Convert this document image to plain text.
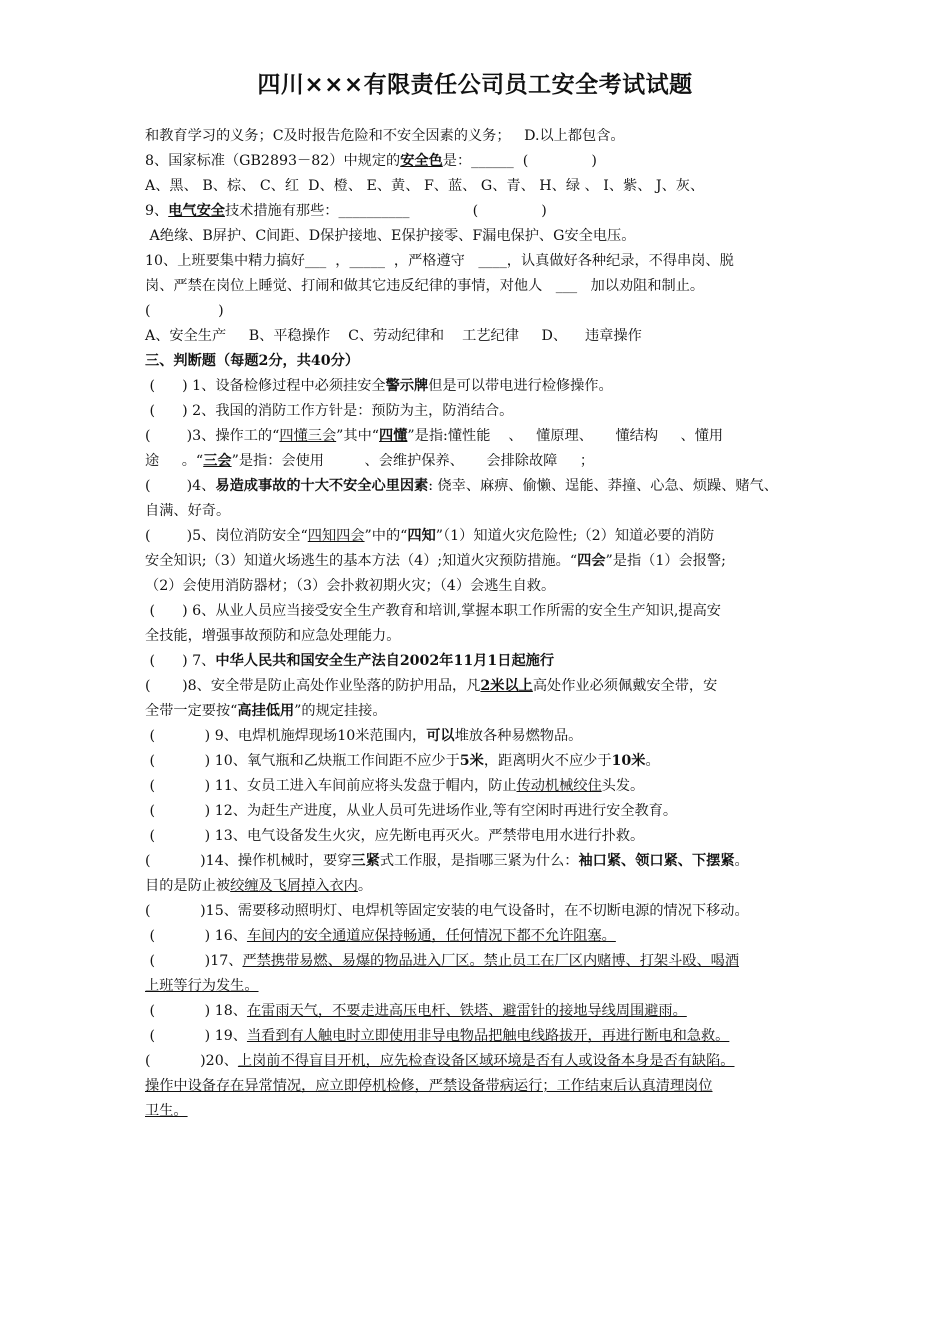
四川×××有限责任公司员工安全考试试题

和教育学习的义务；C及时报告危险和不安全因素的义务；   D.以上都包含。

8、国家标准（GB2893－82）中规定的安全色是：______  (              )

A、黑、 B、棕、 C、红  D、橙、 E、黄、 F、蓝、 G、青、 H、绿 、 I、紫、 J、灰、

9、电气安全技术措施有那些：__________              (              )

A绝缘、B屏护、C间距、D保护接地、E保护接零、F漏电保护、G安全电压。

10、上班要集中精力搞好___  ，_____  ，严格遵守   ____，认真做好各种纪录，不得串岗、脱

岗、严禁在岗位上睡觉、打闹和做其它违反纪律的事情，对他人   ___   加以劝阻和制止。

(               )

A、安全生产     B、平稳操作    C、劳动纪律和    工艺纪律     D、    违章操作

三、判断题（每题2分，共40分）

(      ) 1、设备检修过程中必须挂安全警示牌但是可以带电进行检修操作。

(      ) 2、我国的消防工作方针是：预防为主，防消结合。

(        )3、操作工的“四懂三会”其中“四懂”是指:懂性能    、   懂原理、     懂结构     、懂用

途     。“三会”是指：会使用         、会维护保养、     会排除故障     ；

(        )4、易造成事故的十大不安全心里因素: 侥幸、麻痹、偷懒、逞能、莽撞、心急、烦躁、赌气、

自满、好奇。

(        )5、岗位消防安全“四知四会”中的“四知”（1）知道火灾危险性;（2）知道必要的消防

安全知识;（3）知道火场逃生的基本方法（4）;知道火灾预防措施。“四会”是指（1）会报警;

（2）会使用消防器材；（3）会扑救初期火灾；（4）会逃生自救。

(      ) 6、从业人员应当接受安全生产教育和培训,掌握本职工作所需的安全生产知识,提高安

全技能，增强事故预防和应急处理能力。

(      ) 7、中华人民共和国安全生产法自2002年11月1日起施行

(       )8、安全带是防止高处作业坠落的防护用品，凡2米以上高处作业必须佩戴安全带，安

全带一定要按“高挂低用”的规定挂接。

(           ) 9、电焊机施焊现场10米范围内，可以堆放各种易燃物品。

(           ) 10、氧气瓶和乙炔瓶工作间距不应少于5米，距离明火不应少于10米。

(           ) 11、女员工进入车间前应将头发盘于帽内，防止传动机械绞住头发。

(           ) 12、为赶生产进度，从业人员可先进场作业,等有空闲时再进行安全教育。

(           ) 13、电气设备发生火灾，应先断电再灭火。严禁带电用水进行扑救。

(           )14、操作机械时，要穿三紧式工作服，是指哪三紧为什么：袖口紧、领口紧、下摆紧。

目的是防止被绞缠及飞屑掉入衣内。

(           )15、需要移动照明灯、电焊机等固定安装的电气设备时，在不切断电源的情况下移动。

(           ) 16、车间内的安全通道应保持畅通，任何情况下都不允许阻塞。

(           )17、严禁携带易燃、易爆的物品进入厂区。禁止员工在厂区内赌博、打架斗殴、喝酒

上班等行为发生。

(           ) 18、在雷雨天气，不要走进高压电杆、铁塔、避雷针的接地导线周围避雨。

(           ) 19、当看到有人触电时立即使用非导电物品把触电线路拔开，再进行断电和急救。

(           )20、上岗前不得盲目开机，应先检查设备区域环境是否有人或设备本身是否有缺陷。

操作中设备存在异常情况，应立即停机检修，严禁设备带病运行；工作结束后认真清理岗位

卫生。
